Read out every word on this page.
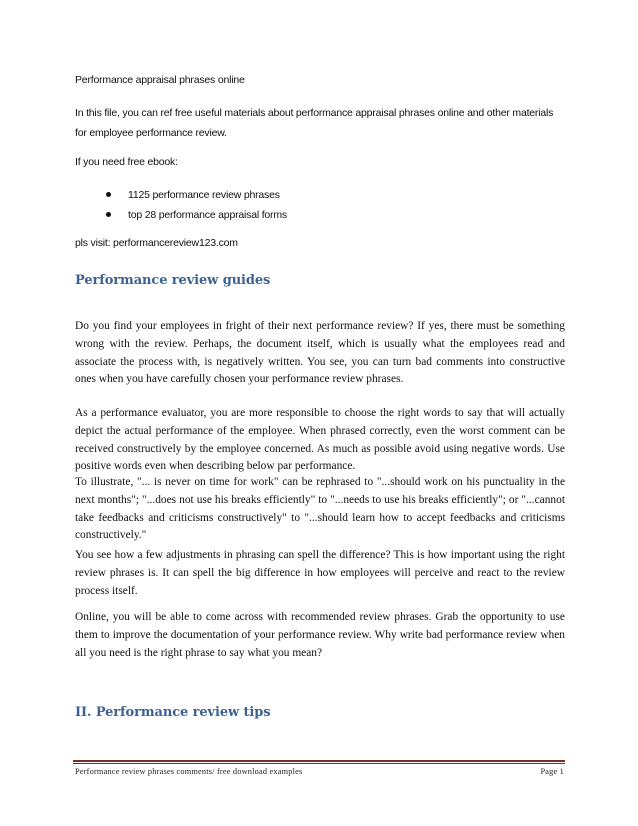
Performance appraisal phrases online
In this file, you can ref free useful materials about performance appraisal phrases online and other materials for employee performance review.
If you need free ebook:
1125 performance review phrases
top 28 performance appraisal forms
pls visit: performancereview123.com
Performance review guides
Do you find your employees in fright of their next performance review? If yes, there must be something wrong with the review. Perhaps, the document itself, which is usually what the employees read and associate the process with, is negatively written. You see, you can turn bad comments into constructive ones when you have carefully chosen your performance review phrases.
As a performance evaluator, you are more responsible to choose the right words to say that will actually depict the actual performance of the employee. When phrased correctly, even the worst comment can be received constructively by the employee concerned. As much as possible avoid using negative words. Use positive words even when describing below par performance.
To illustrate, "... is never on time for work" can be rephrased to "...should work on his punctuality in the next months"; "...does not use his breaks efficiently" to "...needs to use his breaks efficiently"; or "...cannot take feedbacks and criticisms constructively" to "...should learn how to accept feedbacks and criticisms constructively."
You see how a few adjustments in phrasing can spell the difference? This is how important using the right review phrases is. It can spell the big difference in how employees will perceive and react to the review process itself.
Online, you will be able to come across with recommended review phrases. Grab the opportunity to use them to improve the documentation of your performance review. Why write bad performance review when all you need is the right phrase to say what you mean?
II. Performance review tips
Performance review phrases comments/ free download examples	Page 1
